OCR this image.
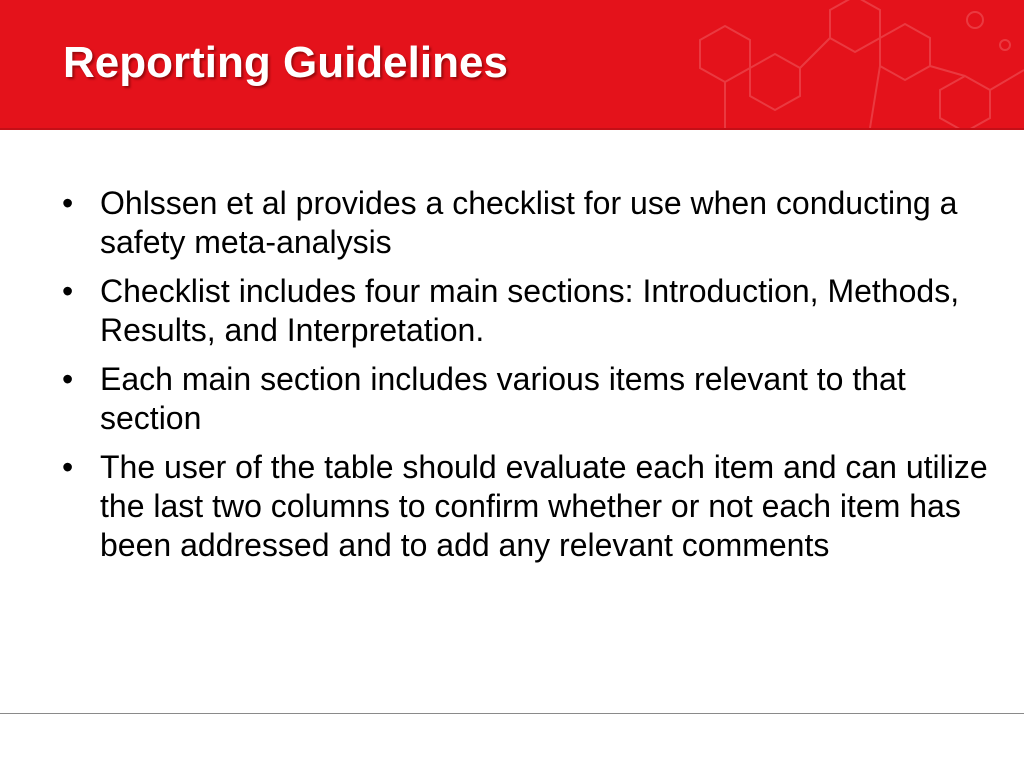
Reporting Guidelines
• Ohlssen et al provides a checklist for use when conducting a safety meta-analysis
• Checklist includes four main sections: Introduction, Methods, Results, and Interpretation.
• Each main section includes various items relevant to that section
• The user of the table should evaluate each item and can utilize the last two columns to confirm whether or not each item has been addressed and to add any relevant comments
